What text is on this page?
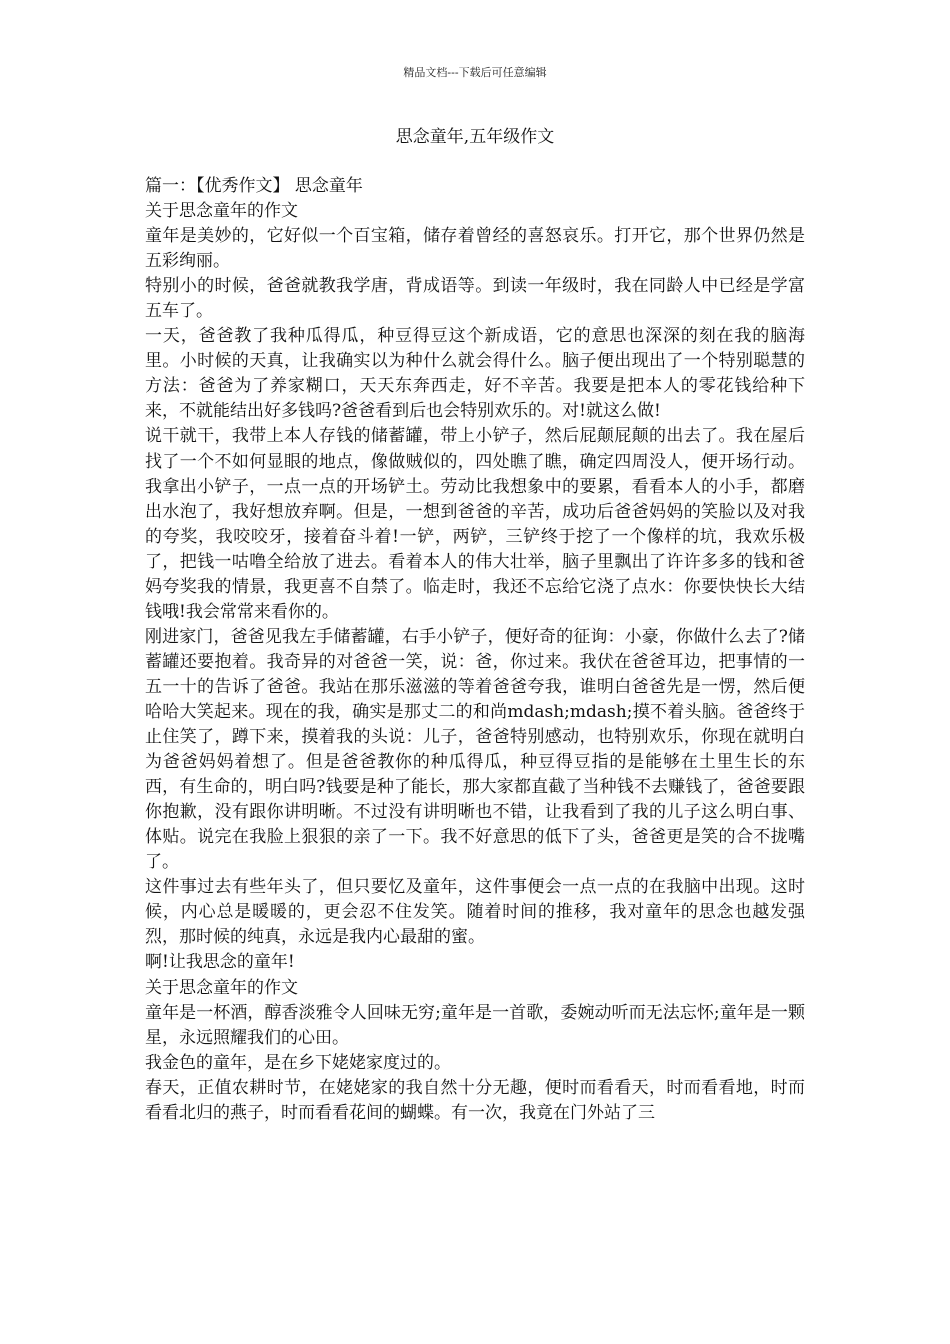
精品文档---下载后可任意编辑
思念童年,五年级作文

篇一：【优秀作文】 思念童年

关于思念童年的作文

童年是美妙的，它好似一个百宝箱，储存着曾经的喜怒哀乐。打开它，那个世界仍然是五彩绚丽。

特别小的时候，爸爸就教我学唐，背成语等。到读一年级时，我在同龄人中已经是学富五车了。

一天，爸爸教了我种瓜得瓜，种豆得豆这个新成语，它的意思也深深的刻在我的脑海里。小时候的天真，让我确实以为种什么就会得什么。脑子便出现出了一个特别聪慧的方法：爸爸为了养家糊口，天天东奔西走，好不辛苦。我要是把本人的零花钱给种下来，不就能结出好多钱吗?爸爸看到后也会特别欢乐的。对!就这么做!

说干就干，我带上本人存钱的储蓄罐，带上小铲子，然后屁颠屁颠的出去了。我在屋后找了一个不如何显眼的地点，像做贼似的，四处瞧了瞧，确定四周没人，便开场行动。我拿出小铲子，一点一点的开场铲土。劳动比我想象中的要累，看看本人的小手，都磨出水泡了，我好想放弃啊。但是，一想到爸爸的辛苦，成功后爸爸妈妈的笑脸以及对我的夸奖，我咬咬牙，接着奋斗着!一铲，两铲，三铲终于挖了一个像样的坑，我欢乐极了，把钱一咕噜全给放了进去。看着本人的伟大壮举，脑子里飘出了许许多多的钱和爸妈夸奖我的情景，我更喜不自禁了。临走时，我还不忘给它浇了点水：你要快快长大结钱哦!我会常常来看你的。

刚进家门，爸爸见我左手储蓄罐，右手小铲子，便好奇的征询：小豪，你做什么去了?储蓄罐还要抱着。我奇异的对爸爸一笑，说：爸，你过来。我伏在爸爸耳边，把事情的一五一十的告诉了爸爸。我站在那乐滋滋的等着爸爸夸我，谁明白爸爸先是一愣，然后便哈哈大笑起来。现在的我，确实是那丈二的和尚mdash;mdash;摸不着头脑。爸爸终于止住笑了，蹲下来，摸着我的头说：儿子，爸爸特别感动，也特别欢乐，你现在就明白为爸爸妈妈着想了。但是爸爸教你的种瓜得瓜，种豆得豆指的是能够在土里生长的东西，有生命的，明白吗?钱要是种了能长，那大家都直截了当种钱不去赚钱了，爸爸要跟你抱歉，没有跟你讲明晰。不过没有讲明晰也不错，让我看到了我的儿子这么明白事、体贴。说完在我脸上狠狠的亲了一下。我不好意思的低下了头，爸爸更是笑的合不拢嘴了。

这件事过去有些年头了，但只要忆及童年，这件事便会一点一点的在我脑中出现。这时候，内心总是暖暖的，更会忍不住发笑。随着时间的推移，我对童年的思念也越发强烈，那时候的纯真，永远是我内心最甜的蜜。

啊!让我思念的童年!

关于思念童年的作文

童年是一杯酒，醇香淡雅令人回味无穷;童年是一首歌，委婉动听而无法忘怀;童年是一颗星，永远照耀我们的心田。

我金色的童年，是在乡下姥姥家度过的。

春天，正值农耕时节，在姥姥家的我自然十分无趣，便时而看看天，时而看看地，时而看看北归的燕子，时而看看花间的蝴蝶。有一次，我竟在门外站了三
